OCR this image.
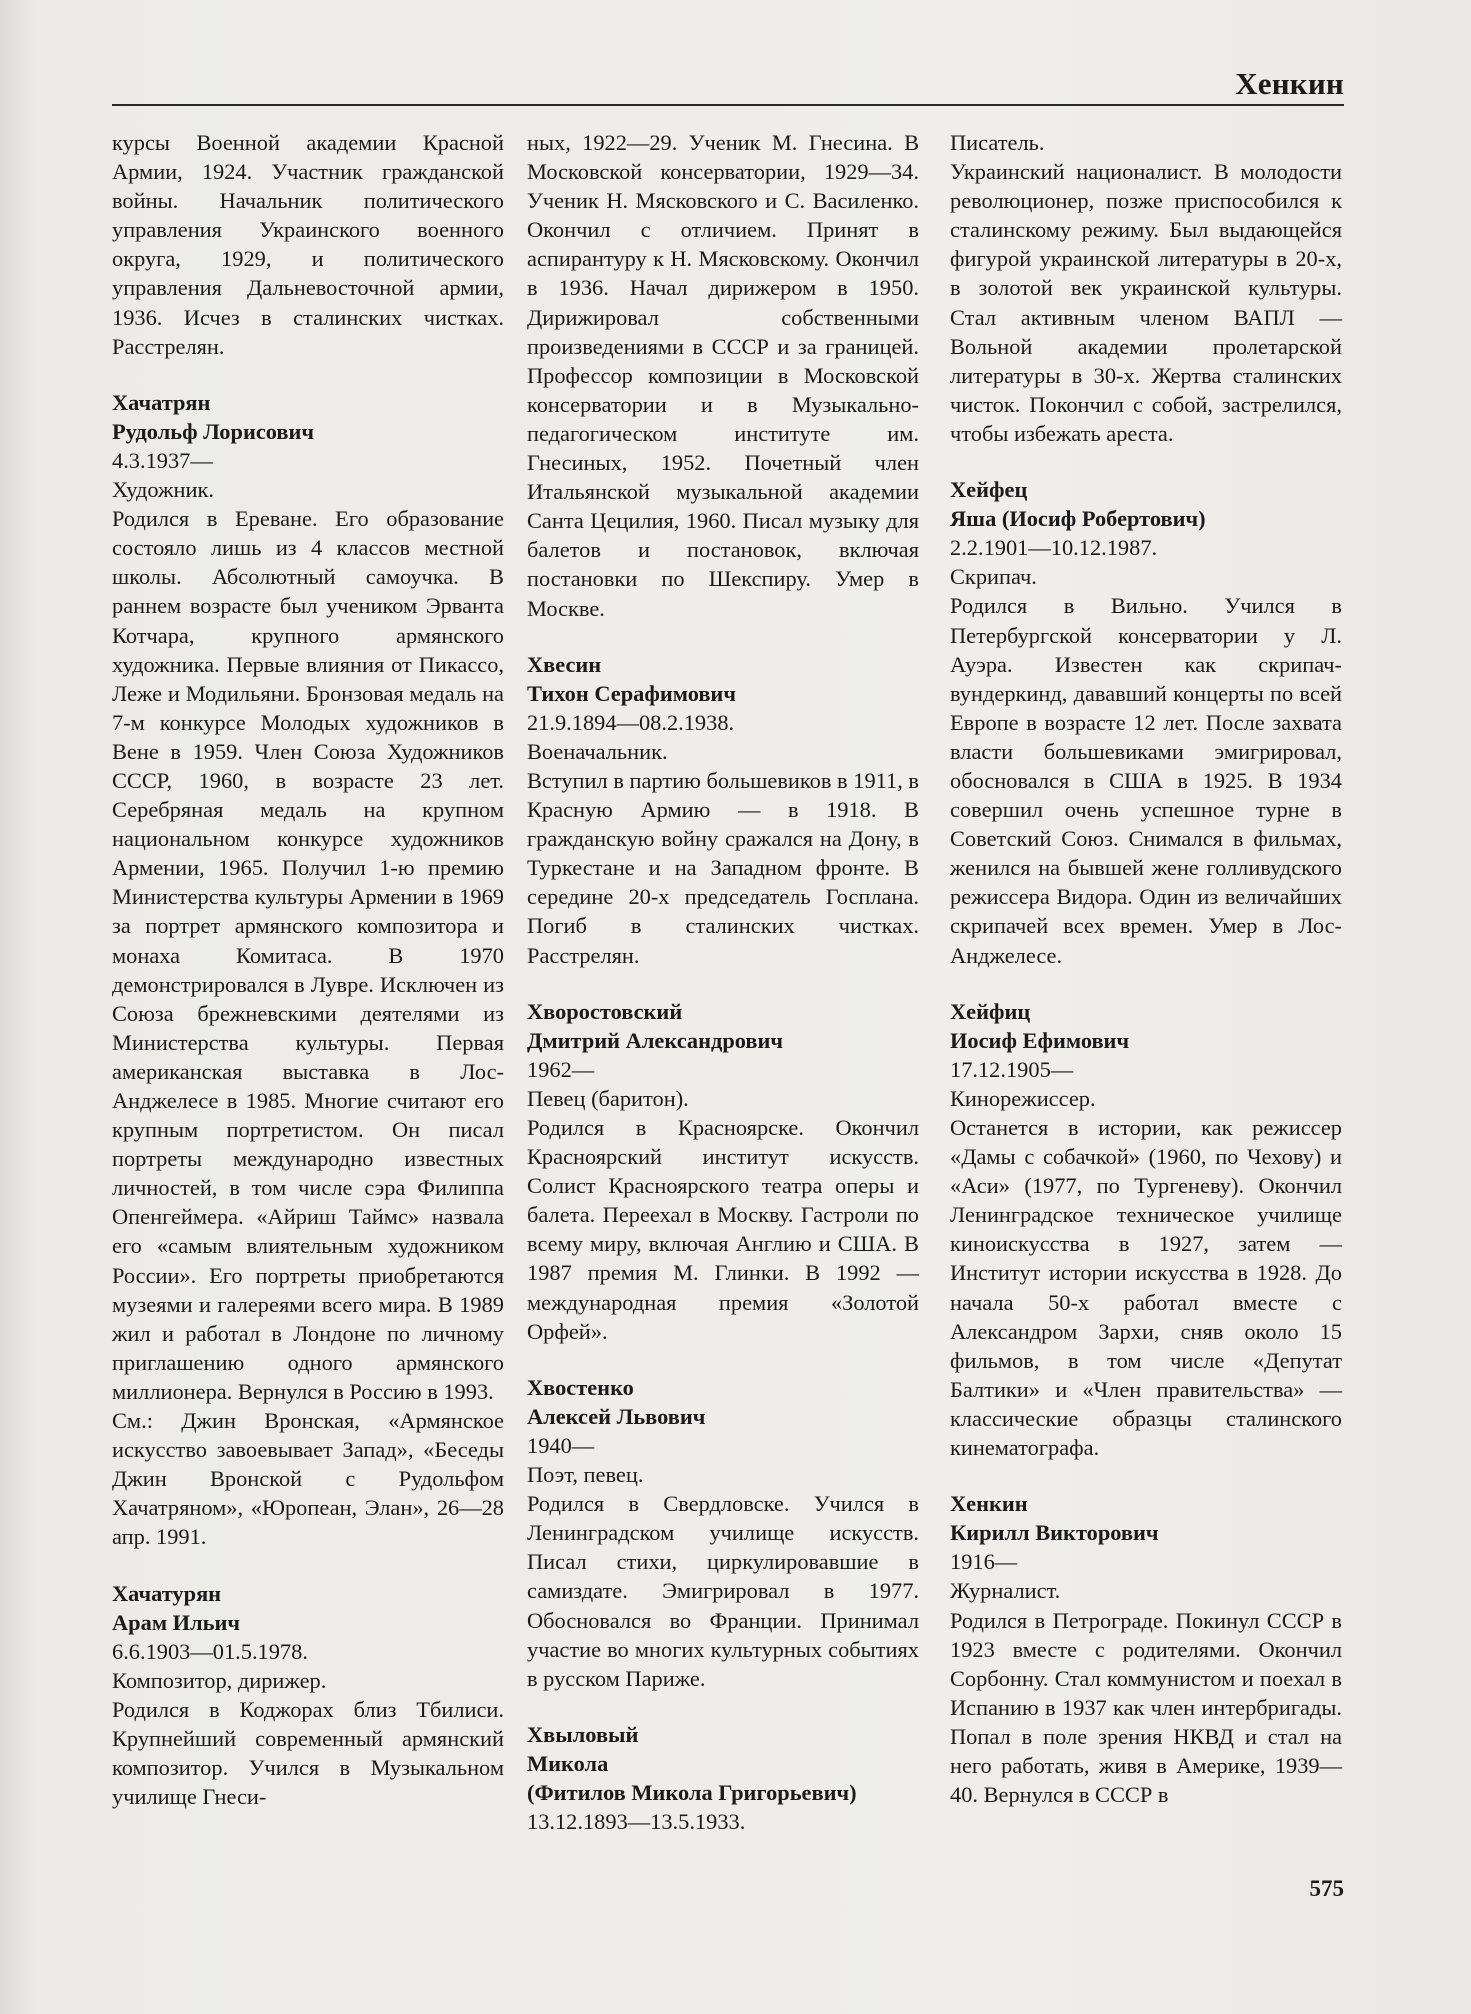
Хенкин
курсы Военной академии Красной Армии, 1924. Участник гражданской войны. Начальник политического управления Украинского военного округа, 1929, и политического управления Дальневосточной армии, 1936. Исчез в сталинских чистках. Расстрелян.
Хачатрян
Рудольф Лорисович
4.3.1937—
Художник.
Родился в Ереване. Его образование состояло лишь из 4 классов местной школы. Абсолютный самоучка. В раннем возрасте был учеником Эрванта Котчара, крупного армянского художника. Первые влияния от Пикассо, Леже и Модильяни. Бронзовая медаль на 7-м конкурсе Молодых художников в Вене в 1959. Член Союза Художников СССР, 1960, в возрасте 23 лет. Серебряная медаль на крупном национальном конкурсе художников Армении, 1965. Получил 1-ю премию Министерства культуры Армении в 1969 за портрет армянского композитора и монаха Комитаса. В 1970 демонстрировался в Лувре. Исключен из Союза брежневскими деятелями из Министерства культуры. Первая американская выставка в Лос-Анджелесе в 1985. Многие считают его крупным портретистом. Он писал портреты международно известных личностей, в том числе сэра Филиппа Опенгеймера. «Айриш Таймс» назвала его «самым влиятельным художником России». Его портреты приобретаются музеями и галереями всего мира. В 1989 жил и работал в Лондоне по личному приглашению одного армянского миллионера. Вернулся в Россию в 1993.
См.: Джин Вронская, «Армянское искусство завоевывает Запад», «Беседы Джин Вронской с Рудольфом Хачатряном», «Юропеан, Элан», 26—28 апр. 1991.
Хачатурян
Арам Ильич
6.6.1903—01.5.1978.
Композитор, дирижер.
Родился в Коджорах близ Тбилиси. Крупнейший современный армянский композитор. Учился в Музыкальном училище Гнеси-
ных, 1922—29. Ученик М. Гнесина. В Московской консерватории, 1929—34. Ученик Н. Мясковского и С. Василенко. Окончил с отличием. Принят в аспирантуру к Н. Мясковскому. Окончил в 1936. Начал дирижером в 1950. Дирижировал собственными произведениями в СССР и за границей. Профессор композиции в Московской консерватории и в Музыкально-педагогическом институте им. Гнесиных, 1952. Почетный член Итальянской музыкальной академии Санта Цецилия, 1960. Писал музыку для балетов и постановок, включая постановки по Шекспиру. Умер в Москве.
Хвесин
Тихон Серафимович
21.9.1894—08.2.1938.
Военачальник.
Вступил в партию большевиков в 1911, в Красную Армию — в 1918. В гражданскую войну сражался на Дону, в Туркестане и на Западном фронте. В середине 20-х председатель Госплана. Погиб в сталинских чистках. Расстрелян.
Хворостовский
Дмитрий Александрович
1962—
Певец (баритон).
Родился в Красноярске. Окончил Красноярский институт искусств. Солист Красноярского театра оперы и балета. Переехал в Москву. Гастроли по всему миру, включая Англию и США. В 1987 премия М. Глинки. В 1992 — международная премия «Золотой Орфей».
Хвостенко
Алексей Львович
1940—
Поэт, певец.
Родился в Свердловске. Учился в Ленинградском училище искусств. Писал стихи, циркулировавшие в самиздате. Эмигрировал в 1977. Обосновался во Франции. Принимал участие во многих культурных событиях в русском Париже.
Хвыловый
Микола
(Фитилов Микола Григорьевич)
13.12.1893—13.5.1933.
Писатель.
Украинский националист. В молодости революционер, позже приспособился к сталинскому режиму. Был выдающейся фигурой украинской литературы в 20-х, в золотой век украинской культуры. Стал активным членом ВАПЛ — Вольной академии пролетарской литературы в 30-х. Жертва сталинских чисток. Покончил с собой, застрелился, чтобы избежать ареста.
Хейфец
Яша (Иосиф Робертович)
2.2.1901—10.12.1987.
Скрипач.
Родился в Вильно. Учился в Петербургской консерватории у Л. Ауэра. Известен как скрипач-вундеркинд, дававший концерты по всей Европе в возрасте 12 лет. После захвата власти большевиками эмигрировал, обосновался в США в 1925. В 1934 совершил очень успешное турне в Советский Союз. Снимался в фильмах, женился на бывшей жене голливудского режиссера Видора. Один из величайших скрипачей всех времен. Умер в Лос-Анджелесе.
Хейфиц
Иосиф Ефимович
17.12.1905—
Кинорежиссер.
Останется в истории, как режиссер «Дамы с собачкой» (1960, по Чехову) и «Аси» (1977, по Тургеневу). Окончил Ленинградское техническое училище киноискусства в 1927, затем — Институт истории искусства в 1928. До начала 50-х работал вместе с Александром Зархи, сняв около 15 фильмов, в том числе «Депутат Балтики» и «Член правительства» — классические образцы сталинского кинематографа.
Хенкин
Кирилл Викторович
1916—
Журналист.
Родился в Петрограде. Покинул СССР в 1923 вместе с родителями. Окончил Сорбонну. Стал коммунистом и поехал в Испанию в 1937 как член интербригады. Попал в поле зрения НКВД и стал на него работать, живя в Америке, 1939—40. Вернулся в СССР в
575
